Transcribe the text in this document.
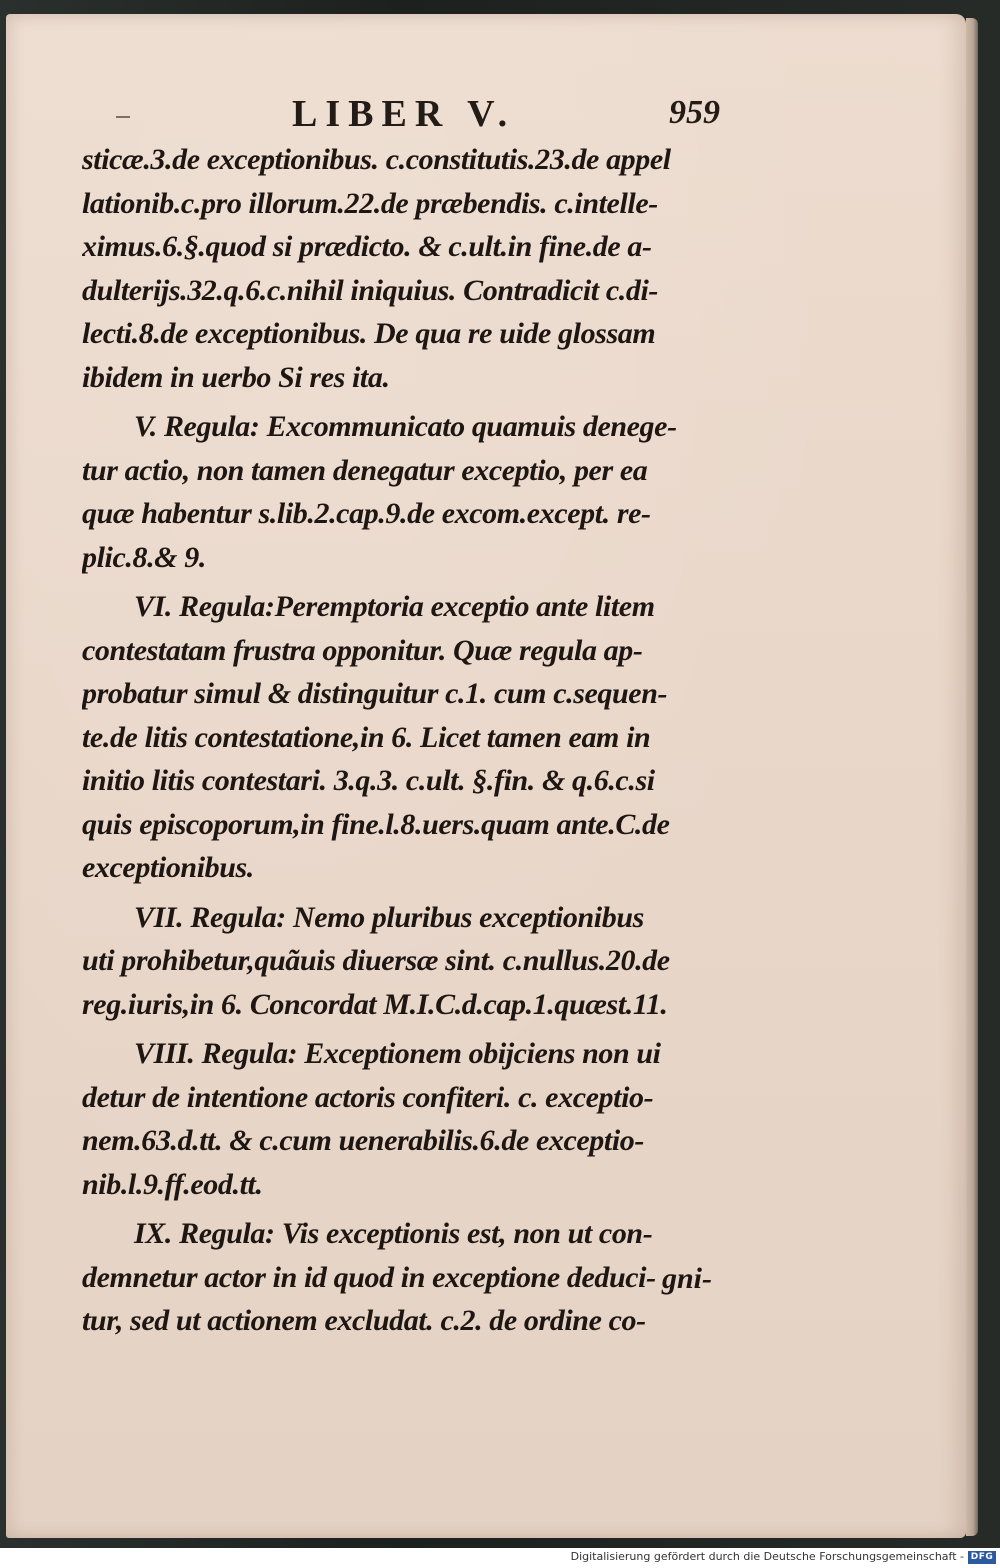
LIBER V.	959
sticæ.3.de exceptionibus. c.constitutis.23.de appel
lationib.c.pro illorum.22.de præbendis. c.intelle-
ximus.6.§.quod si prædicto. & c.ult.in fine.de a-
dulterijs.32.q.6.c.nihil iniquius. Contradicit c.di-
lecti.8.de exceptionibus. De qua re uide glossam
ibidem in uerbo Si res ita.
V. Regula: Excommunicato quamuis denege-
tur actio, non tamen denegatur exceptio, per ea
quæ habentur s.lib.2.cap.9.de excom.except. re-
plic.8.& 9.
VI. Regula:Peremptoria exceptio ante litem
contestatam frustra opponitur. Quæ regula ap-
probatur simul & distinguitur c.1. cum c.sequen-
te.de litis contestatione,in 6. Licet tamen eam in
initio litis contestari. 3.q.3. c.ult. §.fin. & q.6.c.si
quis episcoporum,in fine.l.8.uers.quam ante.C.de
exceptionibus.
VII. Regula: Nemo pluribus exceptionibus
uti prohibetur,quãuis diuersæ sint. c.nullus.20.de
reg.iuris,in 6. Concordat M.I.C.d.cap.1.quæst.11.
VIII. Regula: Exceptionem obijciens non ui
detur de intentione actoris confiteri. c. exceptio-
nem.63.d.tt. & c.cum uenerabilis.6.de exceptio-
nib.l.9.ff.eod.tt.
IX. Regula: Vis exceptionis est, non ut con-
demnetur actor in id quod in exceptione deduci-
tur, sed ut actionem excludat. c.2. de ordine co-
gni-
Digitalisierung gefördert durch die Deutsche Forschungsgemeinschaft - DFG
